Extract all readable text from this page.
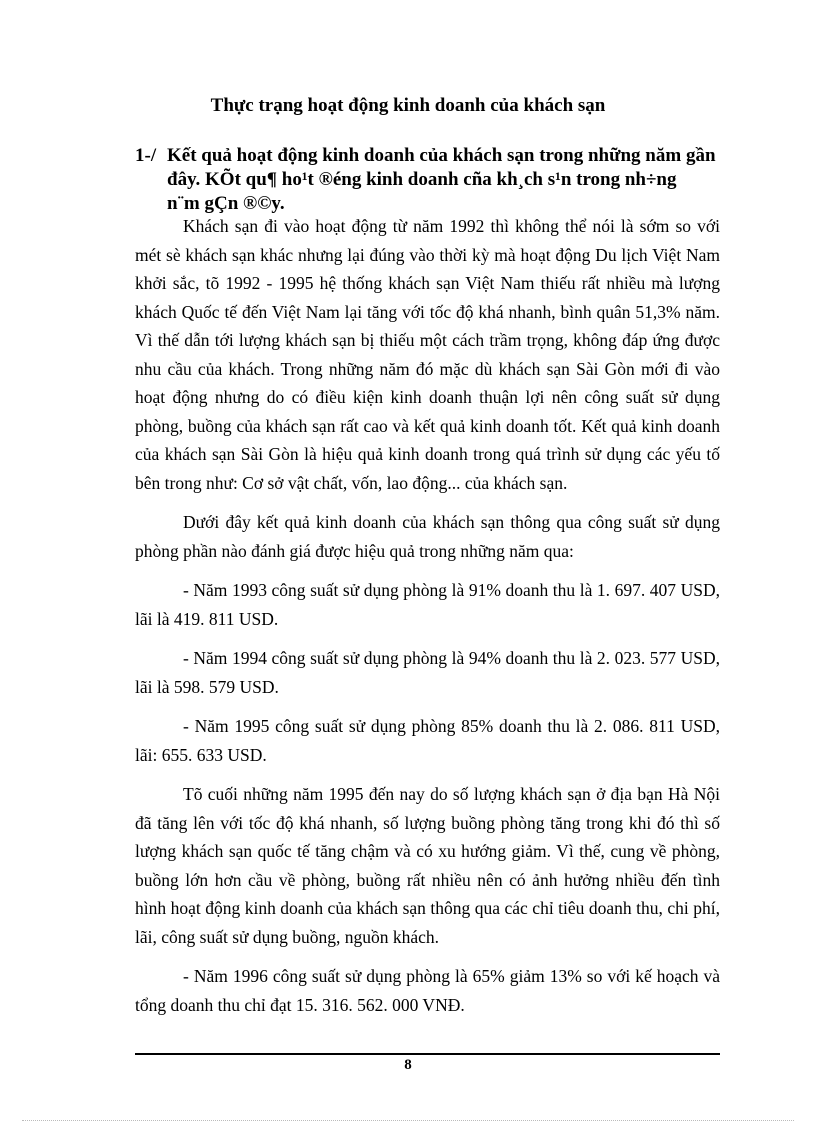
Thực trạng hoạt động kinh doanh của khách sạn
1-/ Kết quả hoạt động kinh doanh của khách sạn trong những năm gần
đây. KÕt qu¶ ho¹t ®éng kinh doanh cña kh¸ch s¹n trong nh÷ng
n¨m gÇn ®©y.

Khách sạn đi vào hoạt động từ năm 1992 thì không thể nói là sớm so với mét sè khách sạn khác nhưng lại đúng vào thời kỳ mà hoạt động Du lịch Việt Nam khởi sắc, tõ 1992 - 1995 hệ thống khách sạn Việt Nam thiếu rất nhiều mà lượng khách Quốc tế đến Việt Nam lại tăng với tốc độ khá nhanh, bình quân 51,3% năm. Vì thế dẫn tới lượng khách sạn bị thiếu một cách trầm trọng, không đáp ứng được nhu cầu của khách. Trong những năm đó mặc dù khách sạn Sài Gòn mới đi vào hoạt động nhưng do có điều kiện kinh doanh thuận lợi nên công suất sử dụng phòng, buồng của khách sạn rất cao và kết quả kinh doanh tốt. Kết quả kinh doanh của khách sạn Sài Gòn là hiệu quả kinh doanh trong quá trình sử dụng các yếu tố bên trong như: Cơ sở vật chất, vốn, lao động... của khách sạn.

Dưới đây kết quả kinh doanh của khách sạn thông qua công suất sử dụng phòng phần nào đánh giá được hiệu quả trong những năm qua:

- Năm 1993 công suất sử dụng phòng là 91% doanh thu là 1. 697. 407 USD, lãi là 419. 811 USD.

- Năm 1994 công suất sử dụng phòng là 94% doanh thu là 2. 023. 577 USD, lãi là 598. 579 USD.

- Năm 1995 công suất sử dụng phòng 85% doanh thu là 2. 086. 811 USD, lãi: 655. 633 USD.

Tõ cuối những năm 1995 đến nay do số lượng khách sạn ở địa bạn Hà Nội đã tăng lên với tốc độ khá nhanh, số lượng buồng phòng tăng trong khi đó thì số lượng khách sạn quốc tế tăng chậm và có xu hướng giảm. Vì thế, cung về phòng, buồng lớn hơn cầu về phòng, buồng rất nhiều nên có ảnh hưởng nhiều đến tình hình hoạt động kinh doanh của khách sạn thông qua các chỉ tiêu doanh thu, chi phí, lãi, công suất sử dụng buồng, nguồn khách.

- Năm 1996 công suất sử dụng phòng là 65% giảm 13% so với kế hoạch và tổng doanh thu chỉ đạt 15. 316. 562. 000 VNĐ.

8
